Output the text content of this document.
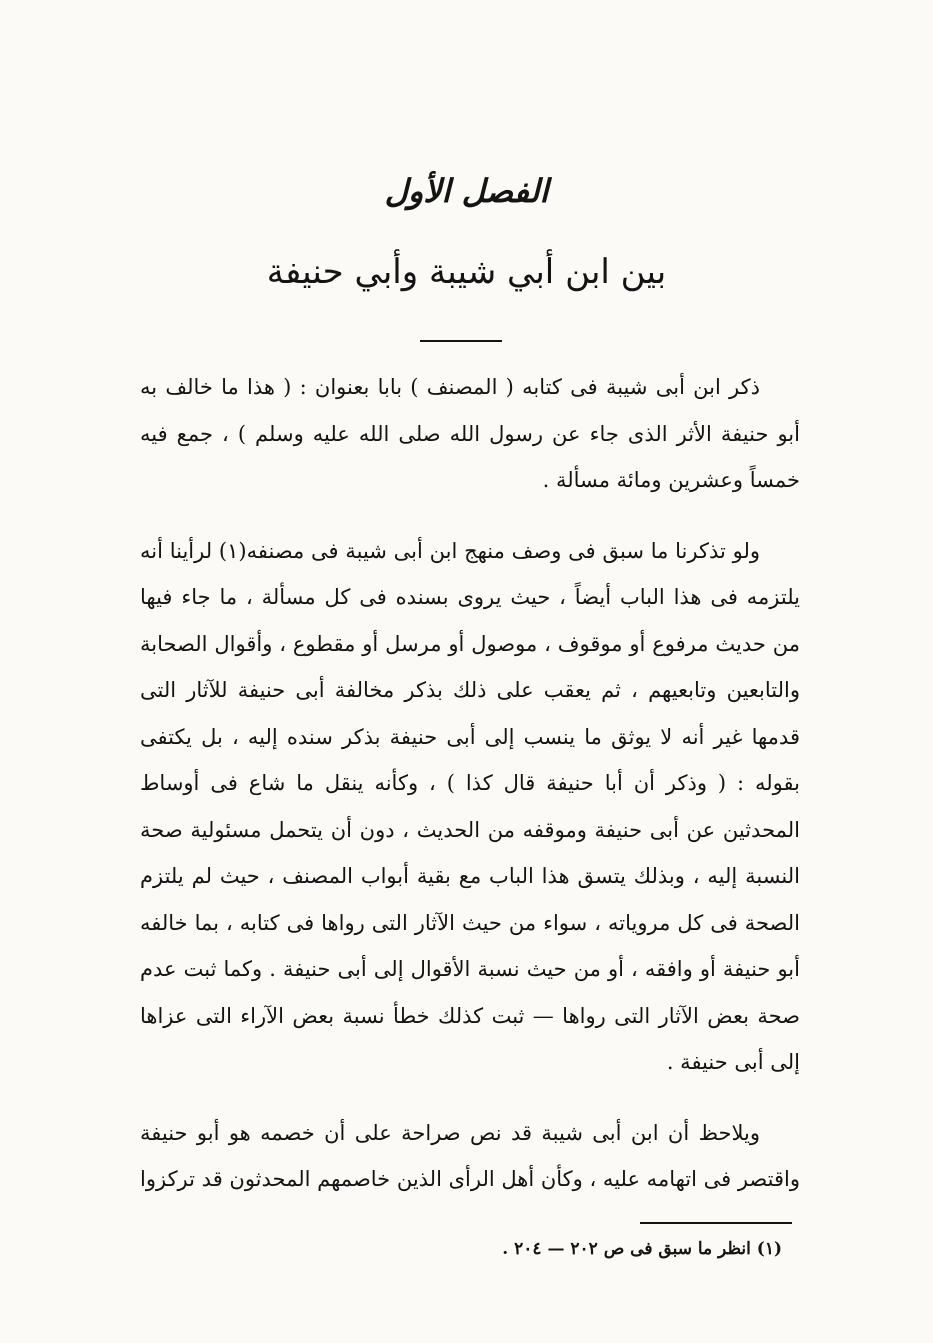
الفصل الأول
بين ابن أبي شيبة وأبي حنيفة

ذكر ابن أبى شيبة فى كتابه ( المصنف ) بابا بعنوان : ( هذا ما خالف به أبو حنيفة الأثر الذى جاء عن رسول الله صلى الله عليه وسلم ) ، جمع فيه خمساً وعشرين ومائة مسألة .

ولو تذكرنا ما سبق فى وصف منهج ابن أبى شيبة فى مصنفه(١) لرأينا أنه يلتزمه فى هذا الباب أيضاً ، حيث يروى بسنده فى كل مسألة ، ما جاء فيها من حديث مرفوع أو موقوف ، موصول أو مرسل أو مقطوع ، وأقوال الصحابة والتابعين وتابعيهم ، ثم يعقب على ذلك بذكر مخالفة أبى حنيفة للآثار التى قدمها غير أنه لا يوثق ما ينسب إلى أبى حنيفة بذكر سنده إليه ، بل يكتفى بقوله : ( وذكر أن أبا حنيفة قال كذا ) ، وكأنه ينقل ما شاع فى أوساط المحدثين عن أبى حنيفة وموقفه من الحديث ، دون أن يتحمل مسئولية صحة النسبة إليه ، وبذلك يتسق هذا الباب مع بقية أبواب المصنف ، حيث لم يلتزم الصحة فى كل مروياته ، سواء من حيث الآثار التى رواها فى كتابه ، بما خالفه أبو حنيفة أو وافقه ، أو من حيث نسبة الأقوال إلى أبى حنيفة . وكما ثبت عدم صحة بعض الآثار التى رواها — ثبت كذلك خطأ نسبة بعض الآراء التى عزاها إلى أبى حنيفة .

ويلاحظ أن ابن أبى شيبة قد نص صراحة على أن خصمه هو أبو حنيفة واقتصر فى اتهامه عليه ، وكأن أهل الرأى الذين خاصمهم المحدثون قد تركزوا

(١) انظر ما سبق فى ص ٢٠٢ — ٢٠٤ .
